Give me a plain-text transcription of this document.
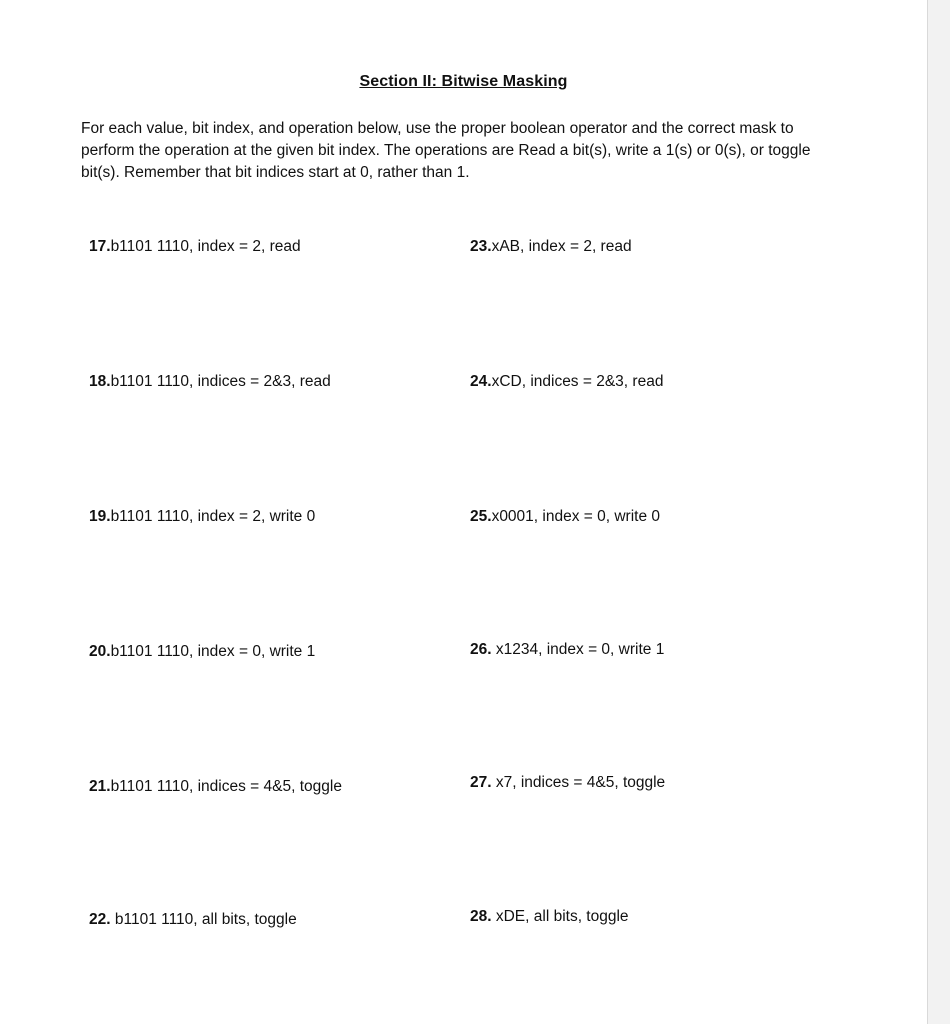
Section II: Bitwise Masking
For each value, bit index, and operation below, use the proper boolean operator and the correct mask to perform the operation at the given bit index. The operations are Read a bit(s), write a 1(s) or 0(s), or toggle bit(s). Remember that bit indices start at 0, rather than 1.
17.b1101 1110, index = 2, read
18.b1101 1110, indices = 2&3, read
19.b1101 1110, index = 2, write 0
20.b1101 1110, index = 0, write 1
21.b1101 1110, indices = 4&5, toggle
22. b1101 1110, all bits, toggle
23.xAB, index = 2, read
24.xCD, indices = 2&3, read
25.x0001, index = 0, write 0
26. x1234, index = 0, write 1
27. x7, indices = 4&5, toggle
28. xDE, all bits, toggle
